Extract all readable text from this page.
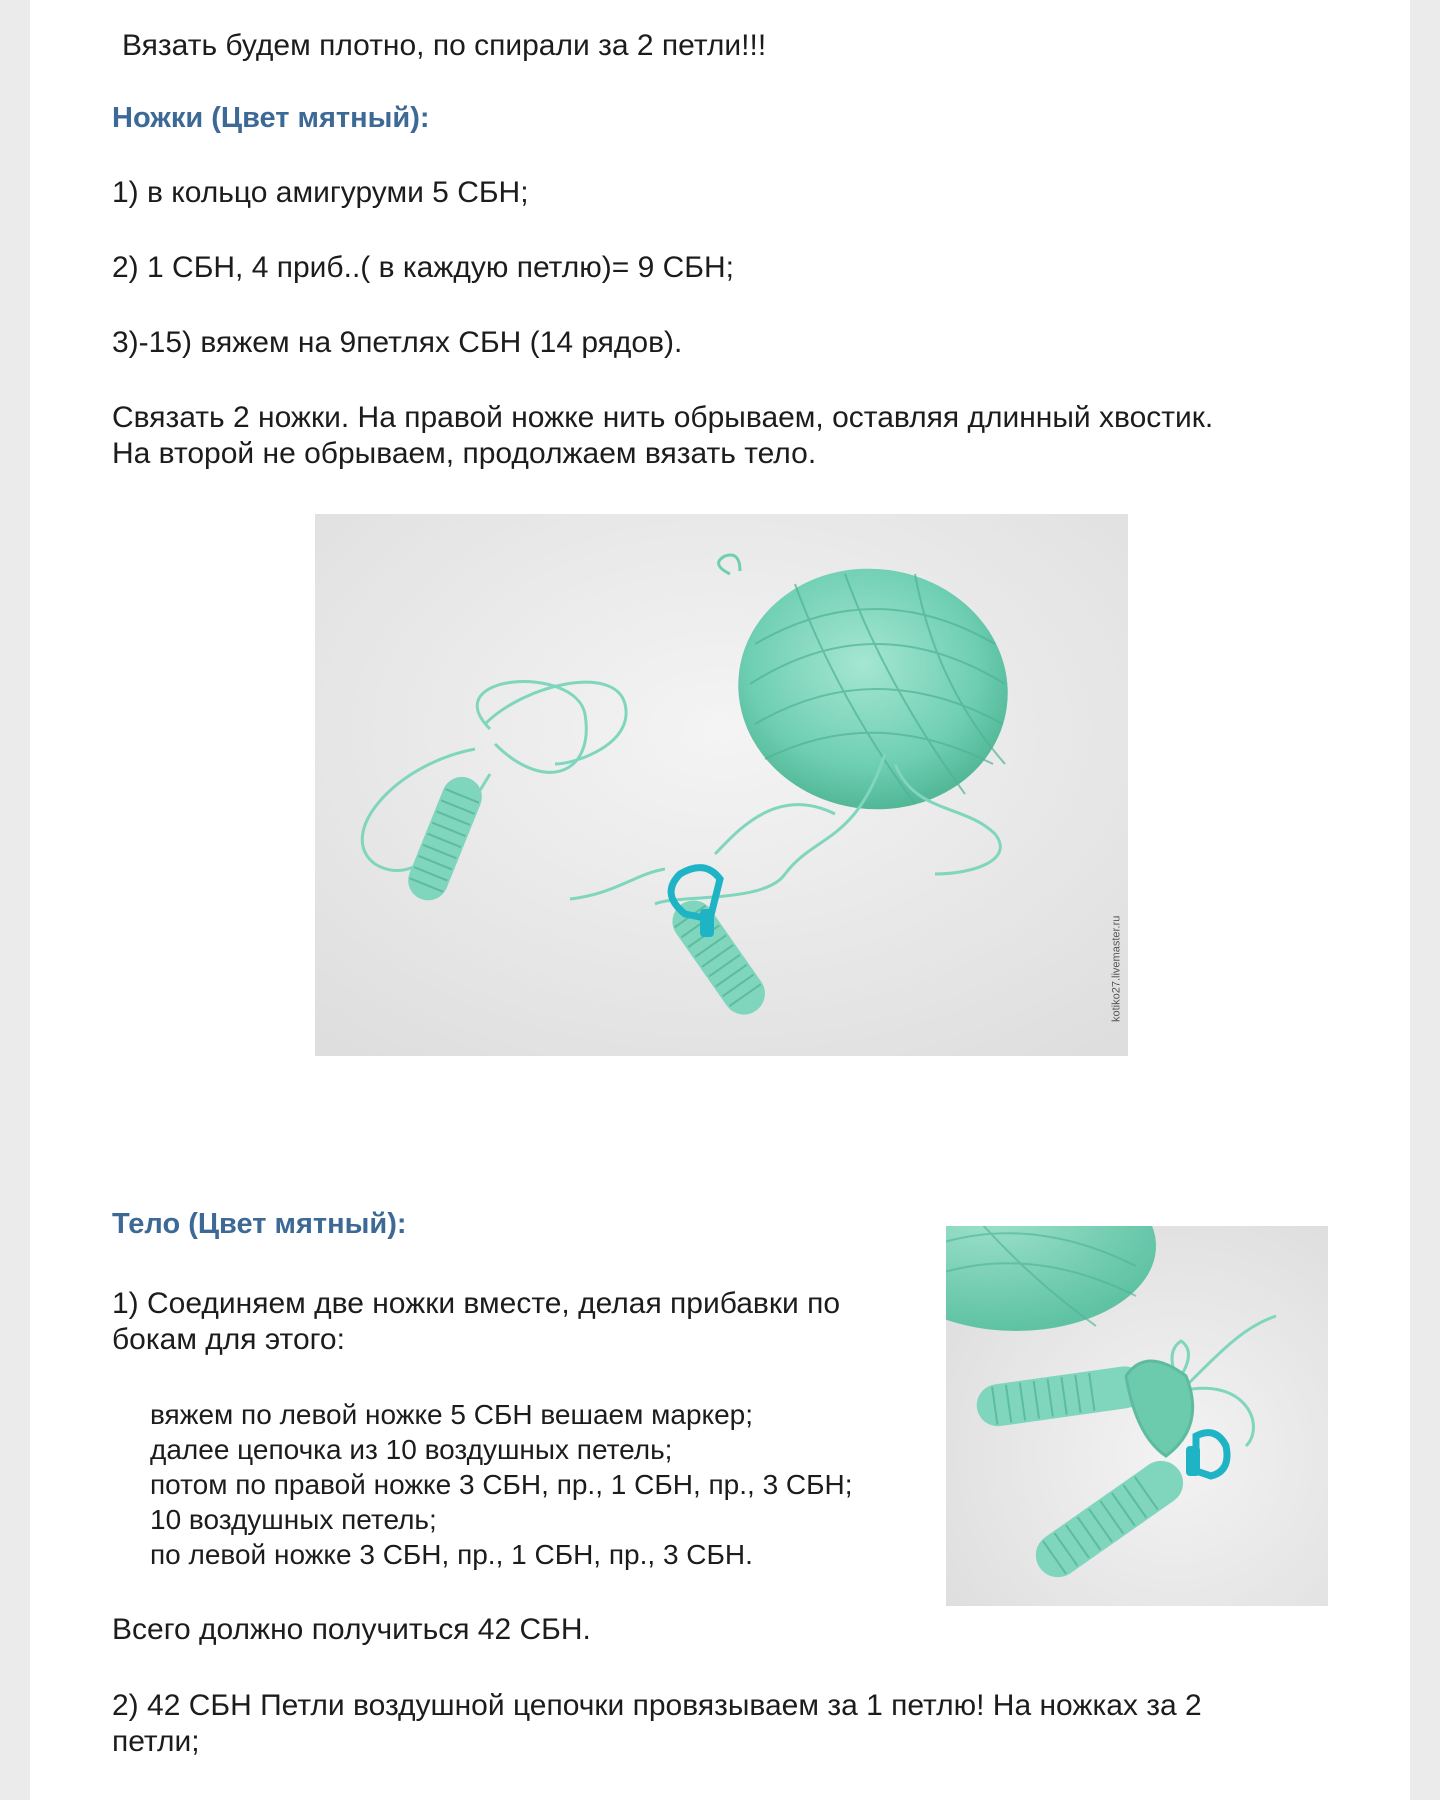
Вязать будем плотно, по спирали за 2 петли!!!
Ножки (Цвет мятный):
1) в кольцо амигуруми 5 СБН;
2) 1 СБН, 4 приб..( в каждую петлю)= 9 СБН;
3)-15) вяжем на 9петлях СБН (14 рядов).
Связать 2 ножки. На правой ножке нить обрываем, оставляя длинный хвостик.
На второй не обрываем, продолжаем вязать тело.
kotiko27.livemaster.ru
Тело (Цвет мятный):
1) Соединяем две ножки вместе, делая прибавки по
бокам для этого:
вяжем по левой ножке 5 СБН вешаем маркер;
далее цепочка из 10 воздушных петель;
потом по правой ножке 3 СБН, пр., 1 СБН, пр., 3 СБН;
10 воздушных петель;
по левой ножке 3 СБН, пр., 1 СБН, пр., 3 СБН.
Всего должно получиться 42 СБН.
2) 42 СБН Петли воздушной цепочки провязываем за 1 петлю! На ножках за 2
петли;
